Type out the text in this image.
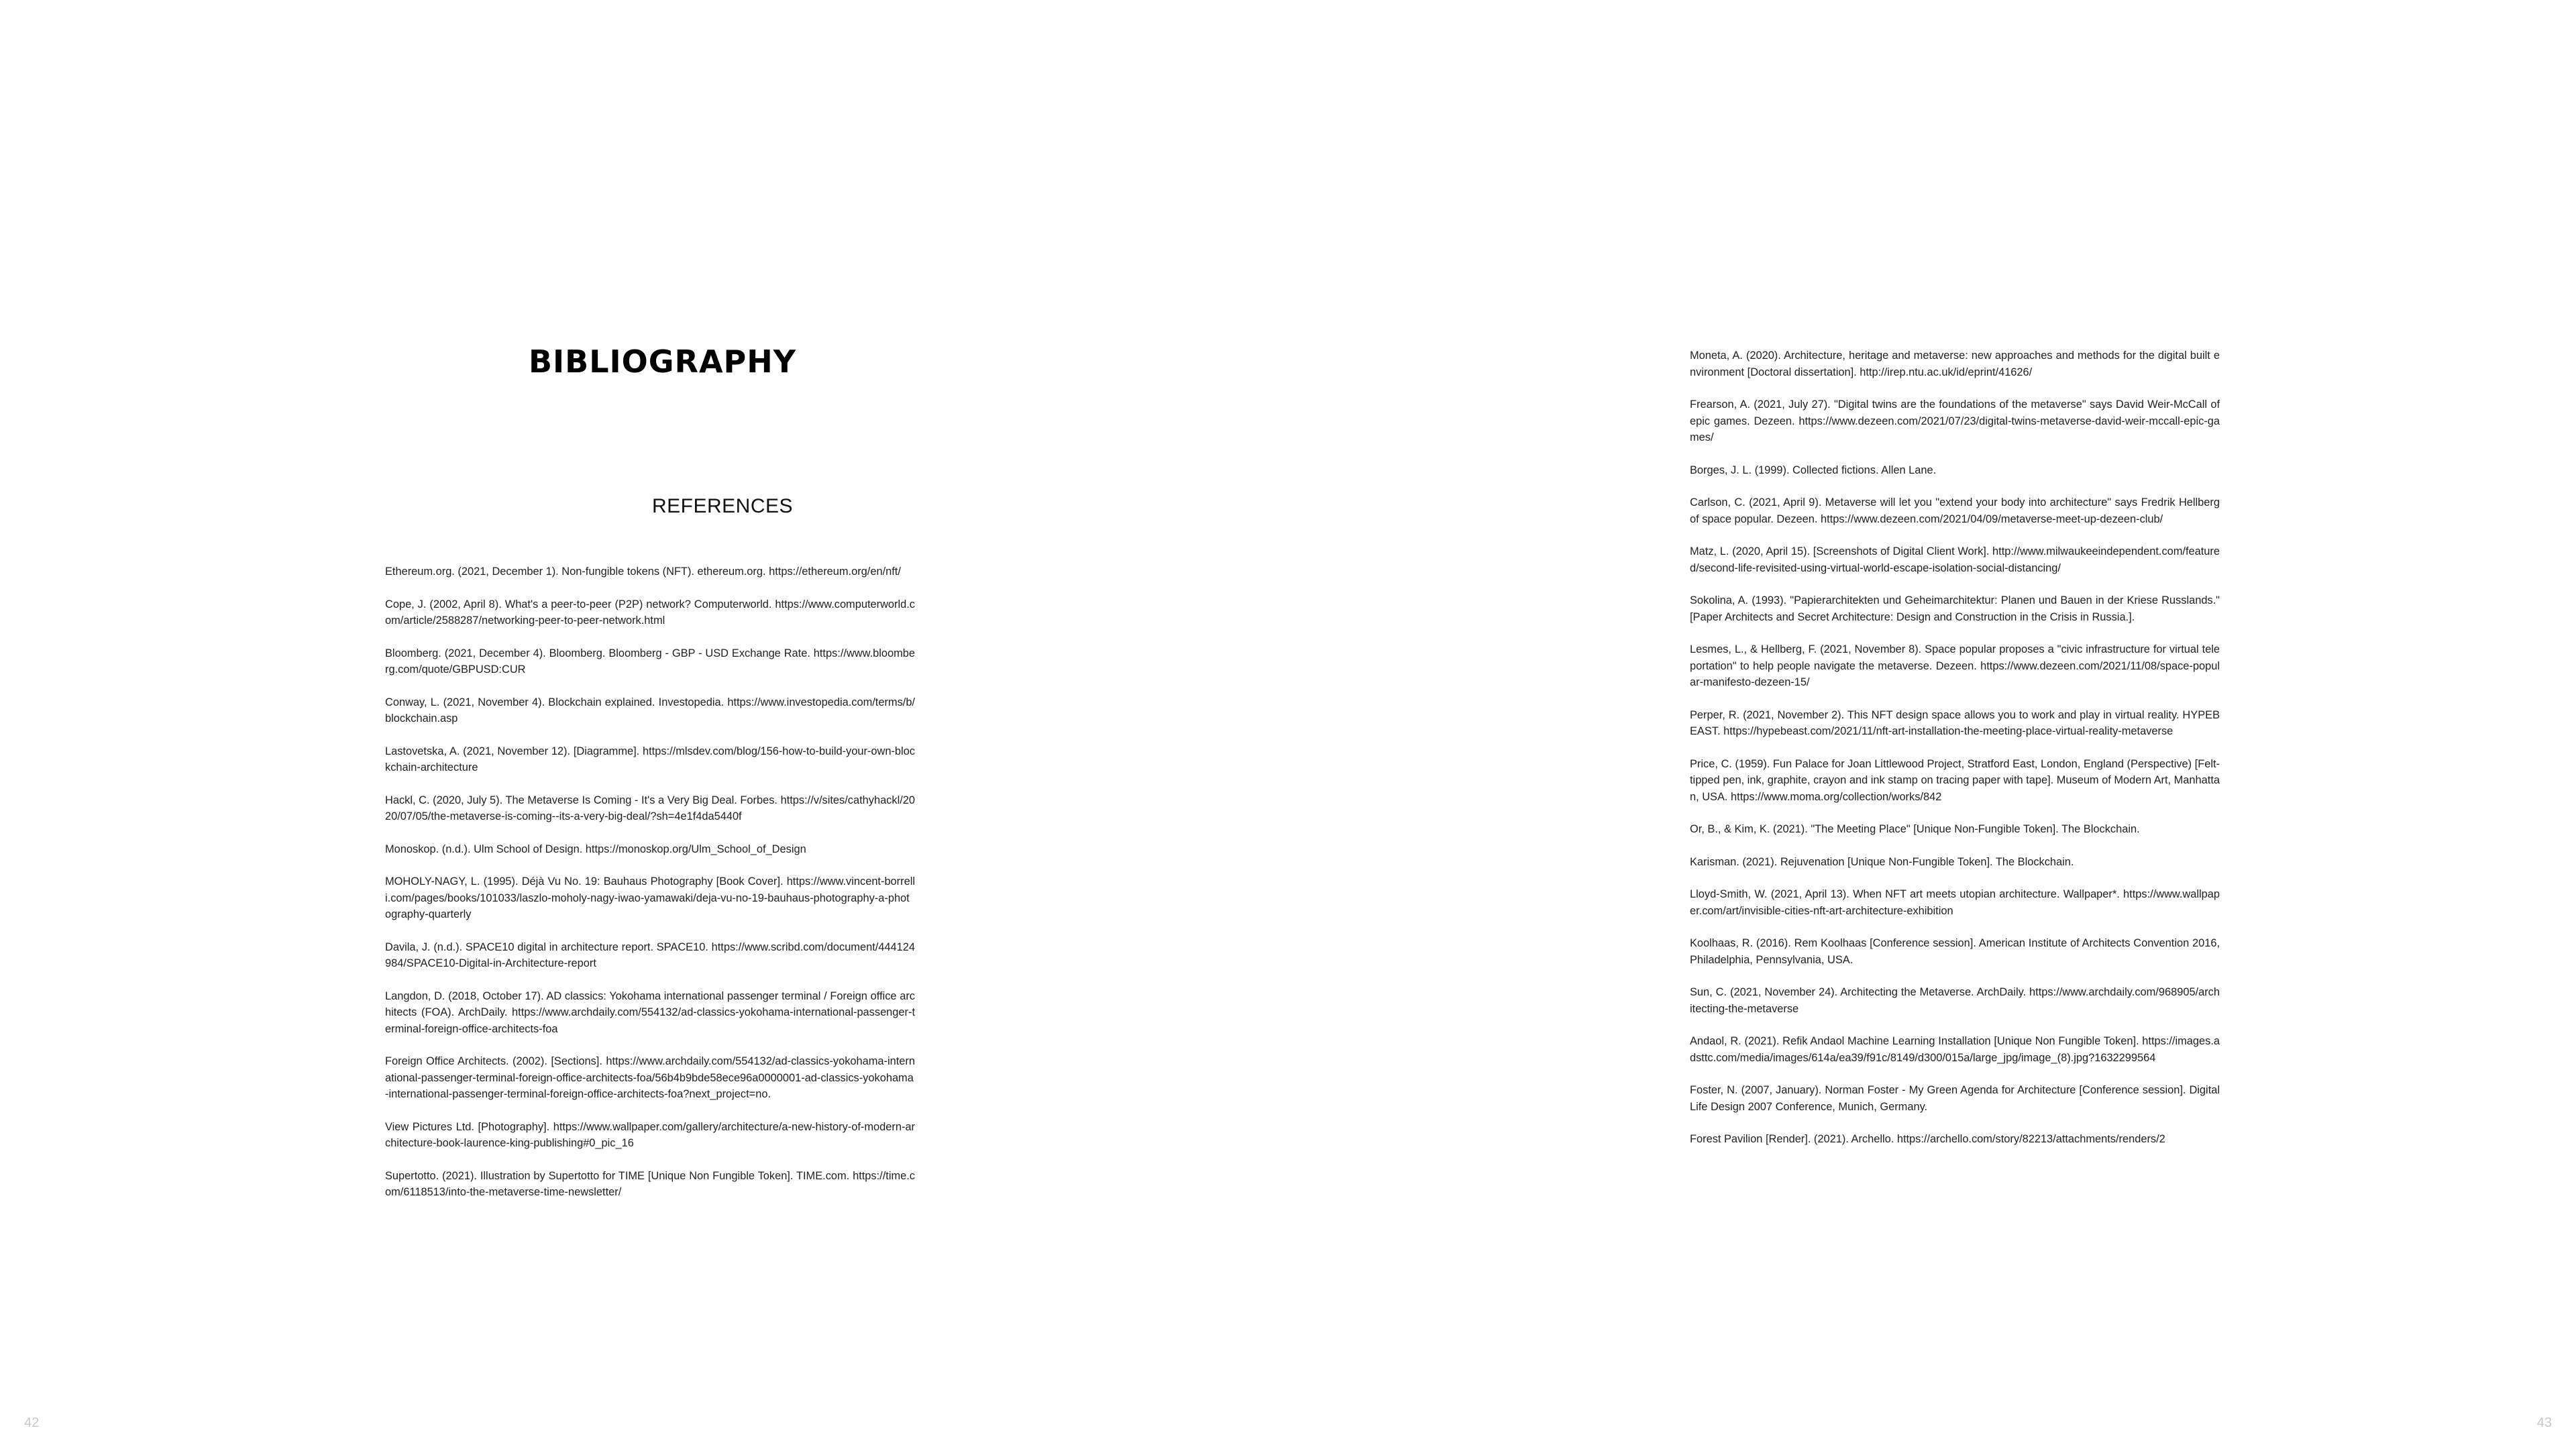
BIBLIOGRAPHY
REFERENCES
Ethereum.org. (2021, December 1). Non-fungible tokens (NFT). ethereum.org. https://ethereum.org/en/nft/
Cope, J. (2002, April 8). What's a peer-to-peer (P2P) network? Computerworld. https://www.computerworld.com/article/2588287/networking-peer-to-peer-network.html
Bloomberg. (2021, December 4). Bloomberg. Bloomberg - GBP - USD Exchange Rate. https://www.bloomberg.com/quote/GBPUSD:CUR
Conway, L. (2021, November 4). Blockchain explained. Investopedia. https://www.investopedia.com/terms/b/blockchain.asp
Lastovetska, A. (2021, November 12). [Diagramme]. https://mlsdev.com/blog/156-how-to-build-your-own-blockchain-architecture
Hackl, C. (2020, July 5). The Metaverse Is Coming - It's a Very Big Deal. Forbes. https://v/sites/cathyhackl/2020/07/05/the-metaverse-is-coming--its-a-very-big-deal/?sh=4e1f4da5440f
Monoskop. (n.d.). Ulm School of Design. https://monoskop.org/Ulm_School_of_Design
MOHOLY-NAGY, L. (1995). Déjà Vu No. 19: Bauhaus Photography [Book Cover]. https://www.vincent-borrelli.com/pages/books/101033/laszlo-moholy-nagy-iwao-yamawaki/deja-vu-no-19-bauhaus-photography-a-photography-quarterly
Davila, J. (n.d.). SPACE10 digital in architecture report. SPACE10. https://www.scribd.com/document/444124984/SPACE10-Digital-in-Architecture-report
Langdon, D. (2018, October 17). AD classics: Yokohama international passenger terminal / Foreign office architects (FOA). ArchDaily. https://www.archdaily.com/554132/ad-classics-yokohama-international-passenger-terminal-foreign-office-architects-foa
Foreign Office Architects. (2002). [Sections]. https://www.archdaily.com/554132/ad-classics-yokohama-international-passenger-terminal-foreign-office-architects-foa/56b4b9bde58ece96a0000001-ad-classics-yokohama-international-passenger-terminal-foreign-office-architects-foa?next_project=no.
View Pictures Ltd. [Photography]. https://www.wallpaper.com/gallery/architecture/a-new-history-of-modern-architecture-book-laurence-king-publishing#0_pic_16
Supertotto. (2021). Illustration by Supertotto for TIME [Unique Non Fungible Token]. TIME.com. https://time.com/6118513/into-the-metaverse-time-newsletter/
42
Moneta, A. (2020). Architecture, heritage and metaverse: new approaches and methods for the digital built environment [Doctoral dissertation]. http://irep.ntu.ac.uk/id/eprint/41626/
Frearson, A. (2021, July 27). "Digital twins are the foundations of the metaverse" says David Weir-McCall of epic games. Dezeen. https://www.dezeen.com/2021/07/23/digital-twins-metaverse-david-weir-mccall-epic-games/
Borges, J. L. (1999). Collected fictions. Allen Lane.
Carlson, C. (2021, April 9). Metaverse will let you "extend your body into architecture" says Fredrik Hellberg of space popular. Dezeen. https://www.dezeen.com/2021/04/09/metaverse-meet-up-dezeen-club/
Matz, L. (2020, April 15). [Screenshots of Digital Client Work]. http://www.milwaukeeindependent.com/featured/second-life-revisited-using-virtual-world-escape-isolation-social-distancing/
Sokolina, A. (1993). "Papierarchitekten und Geheimarchitektur: Planen und Bauen in der Kriese Russlands." [Paper Architects and Secret Architecture: Design and Construction in the Crisis in Russia.].
Lesmes, L., & Hellberg, F. (2021, November 8). Space popular proposes a "civic infrastructure for virtual teleportation" to help people navigate the metaverse. Dezeen. https://www.dezeen.com/2021/11/08/space-popular-manifesto-dezeen-15/
Perper, R. (2021, November 2). This NFT design space allows you to work and play in virtual reality. HYPEBEAST. https://hypebeast.com/2021/11/nft-art-installation-the-meeting-place-virtual-reality-metaverse
Price, C. (1959). Fun Palace for Joan Littlewood Project, Stratford East, London, England (Perspective) [Felt-tipped pen, ink, graphite, crayon and ink stamp on tracing paper with tape]. Museum of Modern Art, Manhattan, USA. https://www.moma.org/collection/works/842
Or, B., & Kim, K. (2021). "The Meeting Place" [Unique Non-Fungible Token]. The Blockchain.
Karisman. (2021). Rejuvenation [Unique Non-Fungible Token]. The Blockchain.
Lloyd-Smith, W. (2021, April 13). When NFT art meets utopian architecture. Wallpaper*. https://www.wallpaper.com/art/invisible-cities-nft-art-architecture-exhibition
Koolhaas, R. (2016). Rem Koolhaas [Conference session]. American Institute of Architects Convention 2016, Philadelphia, Pennsylvania, USA.
Sun, C. (2021, November 24). Architecting the Metaverse. ArchDaily. https://www.archdaily.com/968905/architecting-the-metaverse
Andaol, R. (2021). Refik Andaol Machine Learning Installation [Unique Non Fungible Token]. https://images.adsttc.com/media/images/614a/ea39/f91c/8149/d300/015a/large_jpg/image_(8).jpg?1632299564
Foster, N. (2007, January). Norman Foster - My Green Agenda for Architecture [Conference session]. Digital Life Design 2007 Conference, Munich, Germany.
Forest Pavilion [Render]. (2021). Archello. https://archello.com/story/82213/attachments/renders/2
43
